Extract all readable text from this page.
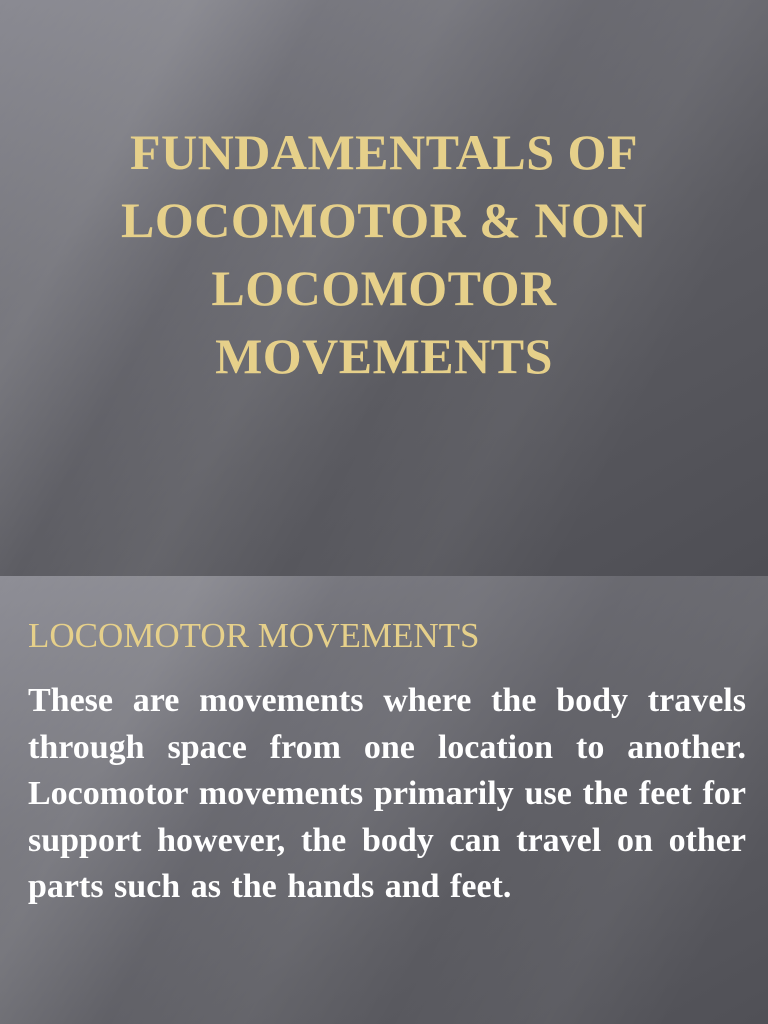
FUNDAMENTALS OF LOCOMOTOR & NON LOCOMOTOR MOVEMENTS
LOCOMOTOR MOVEMENTS

These are movements where the body travels through space from one location to another. Locomotor movements primarily use the feet for support however, the body can travel on other parts such as the hands and feet.
